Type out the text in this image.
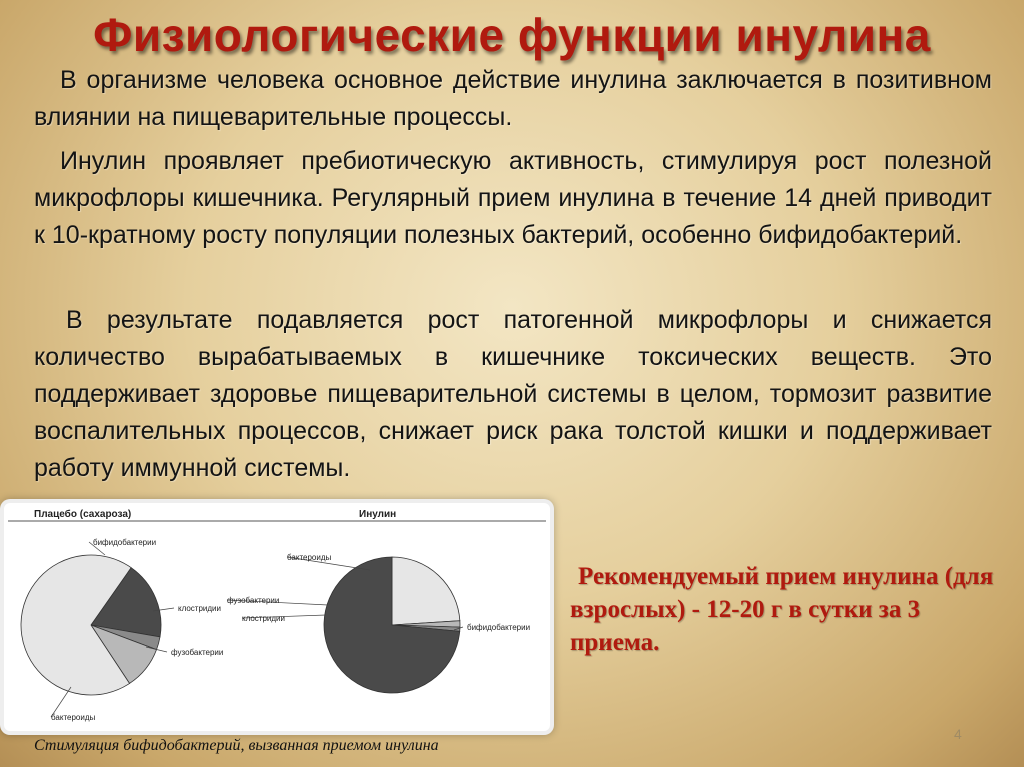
Физиологические функции инулина
В организме человека основное действие инулина заключается в позитивном влиянии на пищеварительные процессы.
Инулин проявляет пребиотическую активность, стимулируя рост полезной микрофлоры кишечника. Регулярный прием инулина в течение 14 дней приводит к 10-кратному росту популяции полезных бактерий, особенно бифидобактерий.
В результате подавляется рост патогенной микрофлоры и снижается количество вырабатываемых в кишечнике токсических веществ. Это поддерживает здоровье пищеварительной системы в целом, тормозит развитие воспалительных процессов, снижает риск рака толстой кишки и поддерживает работу иммунной системы.
Плацебо (сахароза)	Инулин
бифидобактерии
клостридии
фузобактерии
бактерoиды
бактероиды
фузобактерии
клостридии
бифидобактерии
Стимуляция бифидобактерий, вызванная приемом инулина
Рекомендуемый прием инулина (для взрослых) - 12-20 г в сутки за 3 приема.
4
